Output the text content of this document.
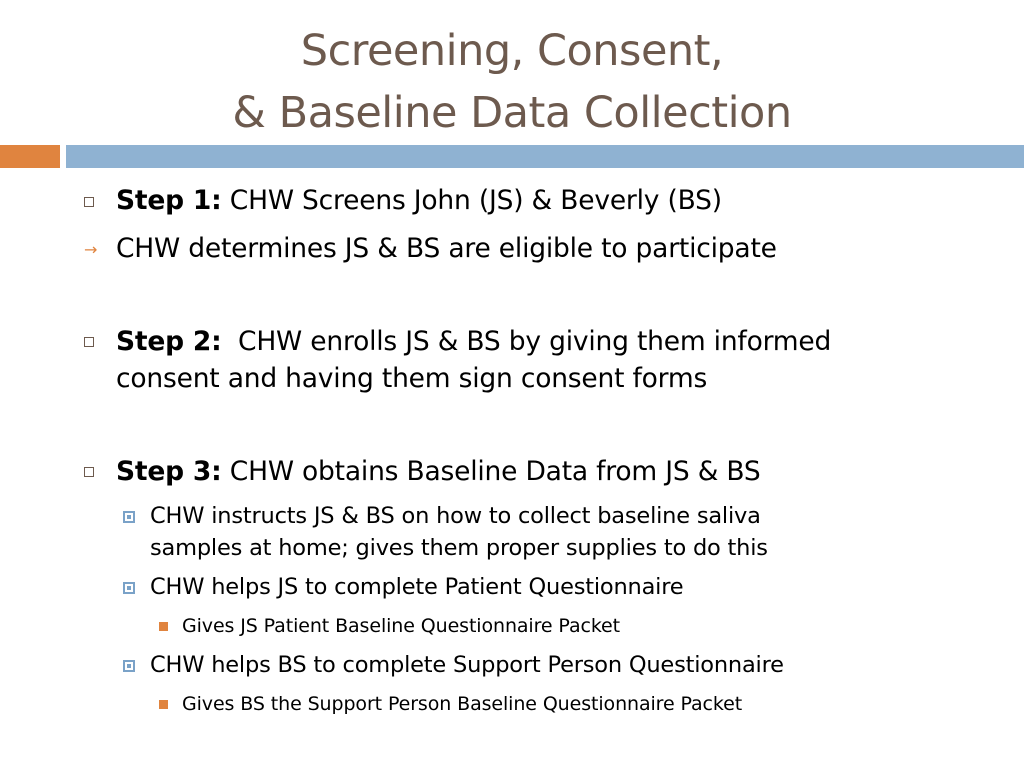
Screening, Consent,
& Baseline Data Collection
Step 1: CHW Screens John (JS) & Beverly (BS)
→ CHW determines JS & BS are eligible to participate
Step 2:  CHW enrolls JS & BS by giving them informed
consent and having them sign consent forms
Step 3: CHW obtains Baseline Data from JS & BS
CHW instructs JS & BS on how to collect baseline saliva
samples at home; gives them proper supplies to do this
CHW helps JS to complete Patient Questionnaire
Gives JS Patient Baseline Questionnaire Packet
CHW helps BS to complete Support Person Questionnaire
Gives BS the Support Person Baseline Questionnaire Packet
